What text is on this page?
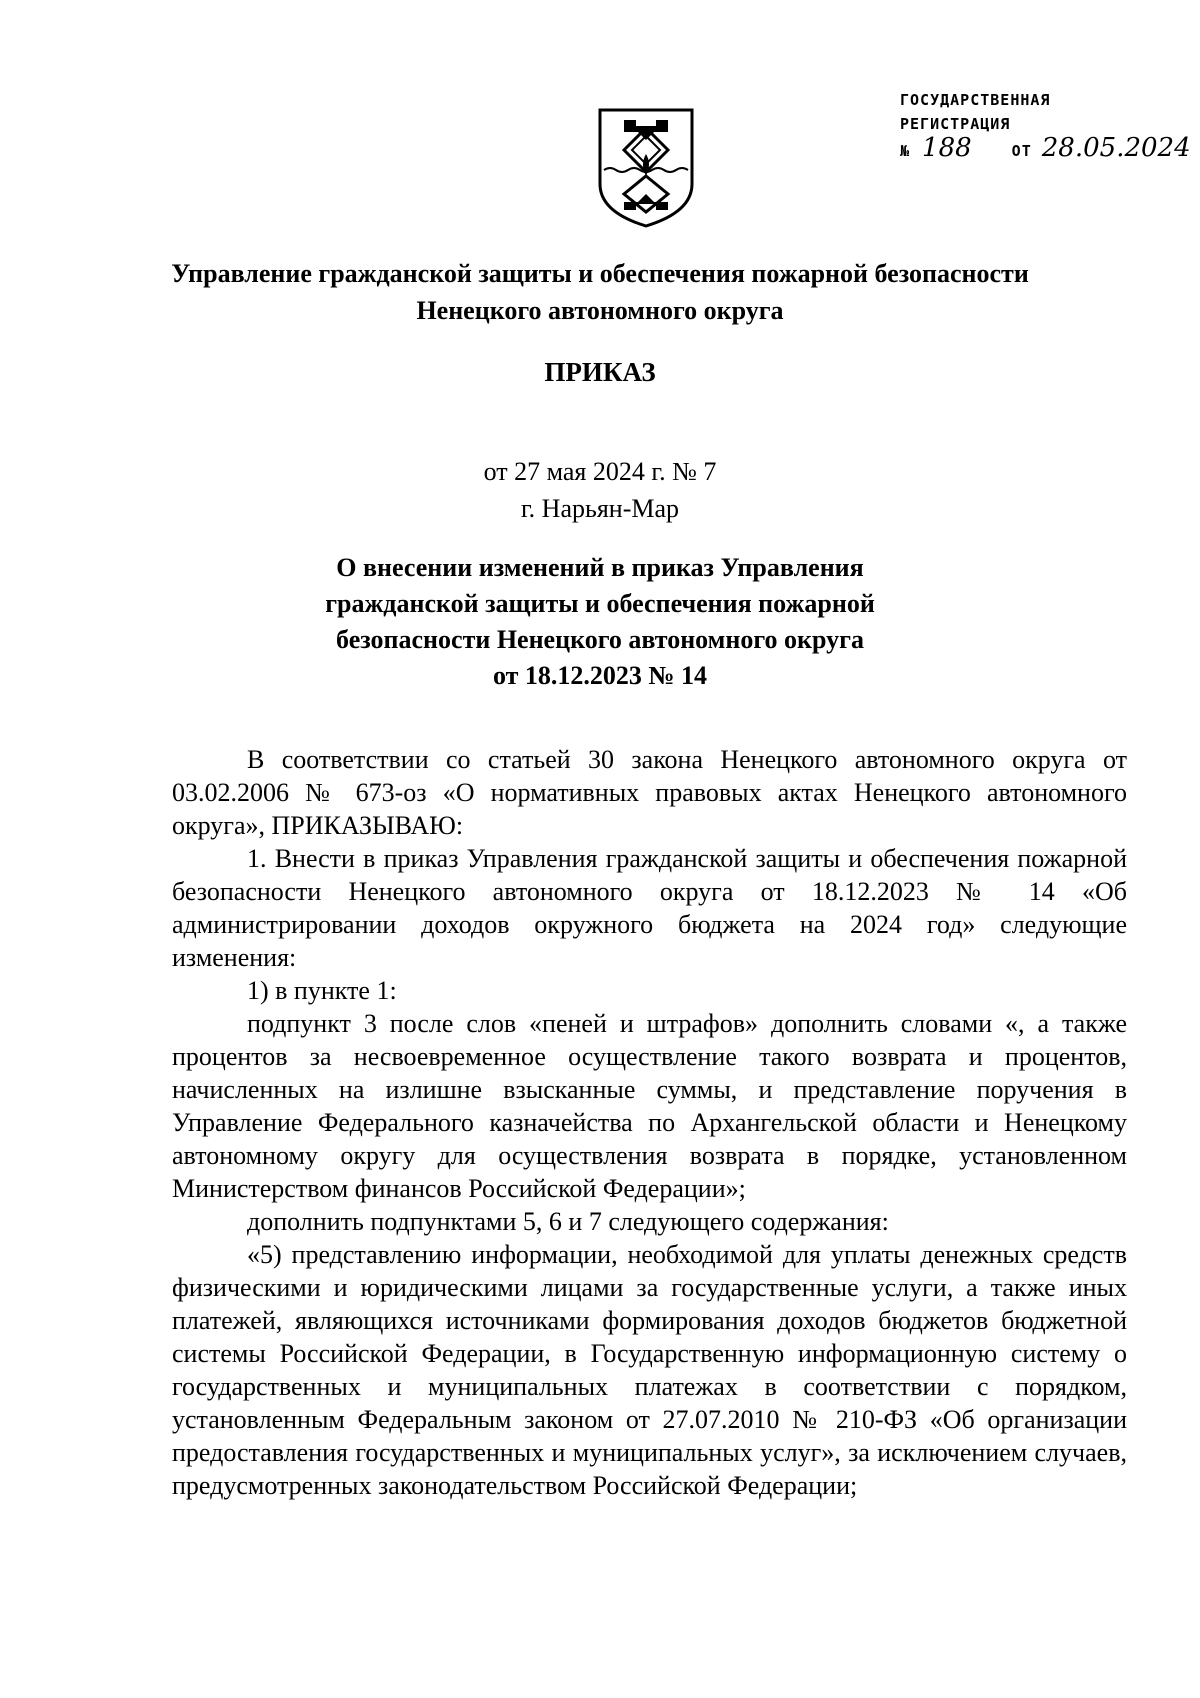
ГОСУДАРСТВЕННАЯ
РЕГИСТРАЦИЯ
№ 188	ОТ 28.05.2024
Управление гражданской защиты и обеспечения пожарной безопасности
Ненецкого автономного округа
ПРИКАЗ
от 27 мая 2024 г. № 7
г. Нарьян-Мар
О внесении изменений в приказ Управления
гражданской защиты и обеспечения пожарной
безопасности Ненецкого автономного округа
от 18.12.2023 № 14

В соответствии со статьей 30 закона Ненецкого автономного округа от 03.02.2006 № 673-оз «О нормативных правовых актах Ненецкого автономного округа», ПРИКАЗЫВАЮ:

1. Внести в приказ Управления гражданской защиты и обеспечения пожарной безопасности Ненецкого автономного округа от 18.12.2023 № 14 «Об администрировании доходов окружного бюджета на 2024 год» следующие изменения:

1) в пункте 1:

подпункт 3 после слов «пеней и штрафов» дополнить словами «, а также процентов за несвоевременное осуществление такого возврата и процентов, начисленных на излишне взысканные суммы, и представление поручения в Управление Федерального казначейства по Архангельской области и Ненецкому автономному округу для осуществления возврата в порядке, установленном Министерством финансов Российской Федерации»;

дополнить подпунктами 5, 6 и 7 следующего содержания:

«5) представлению информации, необходимой для уплаты денежных средств физическими и юридическими лицами за государственные услуги, а также иных платежей, являющихся источниками формирования доходов бюджетов бюджетной системы Российской Федерации, в Государственную информационную систему о государственных и муниципальных платежах в соответствии с порядком, установленным Федеральным законом от 27.07.2010 № 210-ФЗ «Об организации предоставления государственных и муниципальных услуг», за исключением случаев, предусмотренных законодательством Российской Федерации;
